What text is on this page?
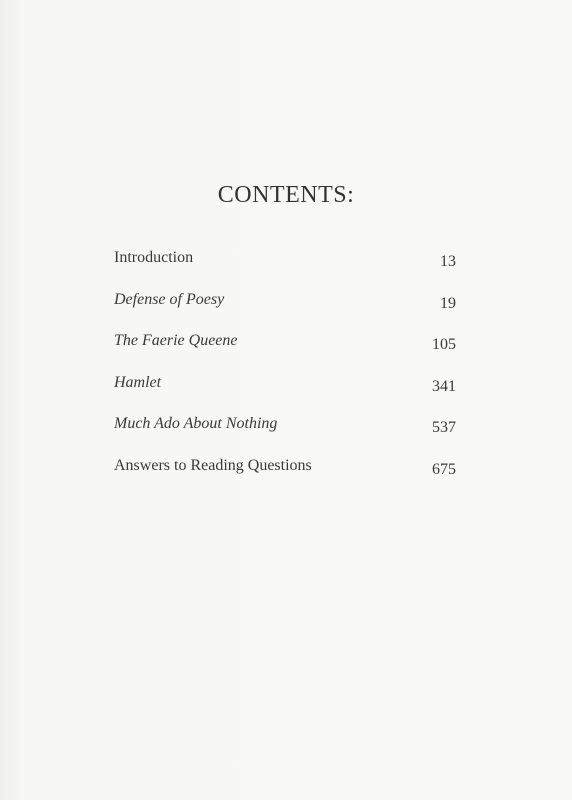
CONTENTS:
Introduction	13
Defense of Poesy	19
The Faerie Queene	105
Hamlet	341
Much Ado About Nothing	537
Answers to Reading Questions	675
